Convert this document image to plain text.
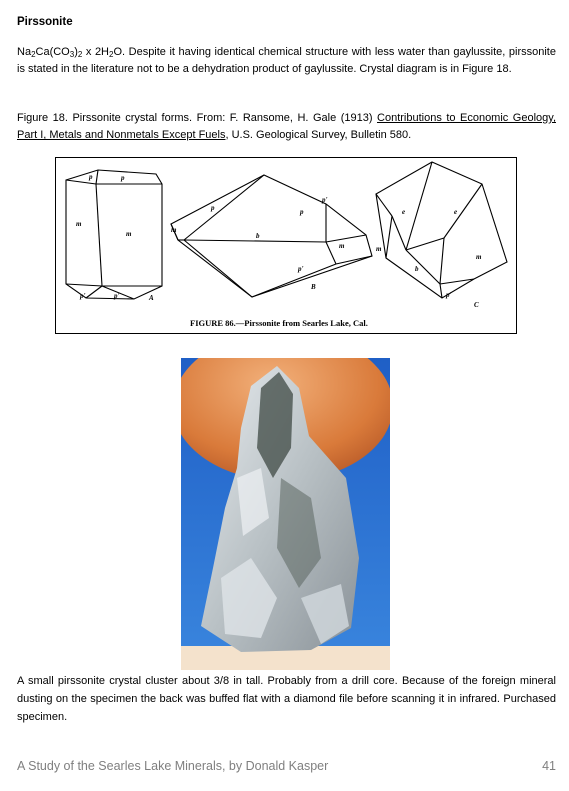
Pirssonite
$Na_2Ca(CO_3)_2$ x $2H_2O$. Despite it having identical chemical structure with less water than gaylussite, pirssonite is stated in the literature not to be a dehydration product of gaylussite. Crystal diagram is in Figure 18.
Figure 18. Pirssonite crystal forms. From: F. Ransome, H. Gale (1913) Contributions to Economic Geology, Part I, Metals and Nonmetals Except Fuels, U.S. Geological Survey, Bulletin 580.
p	p
m
m
p'	p'	A
p	p
p'
m
m
b
p'
B
e	e
m
b
m
p'
C
FIGURE 86.—Pirssonite from Searles Lake, Cal.
A small pirssonite crystal cluster about 3/8 in tall. Probably from a drill core. Because of the foreign mineral dusting on the specimen the back was buffed flat with a diamond file before scanning it in infrared. Purchased specimen.
A Study of the Searles Lake Minerals, by Donald Kasper	41
